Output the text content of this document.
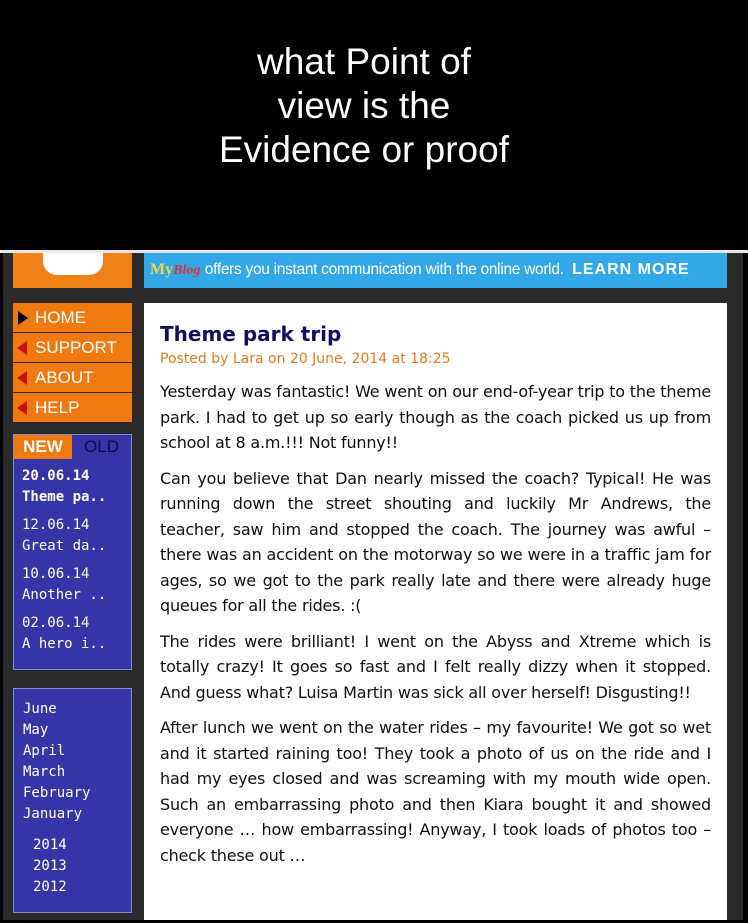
what Point of
view is the
Evidence or proof
MyBlog offers you instant communication with the online world. LEARN MORE
HOME
SUPPORT
ABOUT
HELP
NEW	OLD
20.06.14
Theme pa..
12.06.14
Great da..
10.06.14
Another ..
02.06.14
A hero i..
June
May
April
March
February
January
2014
2013
2012
Theme park trip
Posted by Lara on 20 June, 2014 at 18:25

Yesterday was fantastic! We went on our end-of-year trip to the theme park. I had to get up so early though as the coach picked us up from school at 8 a.m.!!! Not funny!!

Can you believe that Dan nearly missed the coach? Typical! He was running down the street shouting and luckily Mr Andrews, the teacher, saw him and stopped the coach. The journey was awful – there was an accident on the motorway so we were in a traffic jam for ages, so we got to the park really late and there were already huge queues for all the rides. :(

The rides were brilliant! I went on the Abyss and Xtreme which is totally crazy! It goes so fast and I felt really dizzy when it stopped. And guess what? Luisa Martin was sick all over herself! Disgusting!!

After lunch we went on the water rides – my favourite! We got so wet and it started raining too! They took a photo of us on the ride and I had my eyes closed and was screaming with my mouth wide open. Such an embarrassing photo and then Kiara bought it and showed everyone … how embarrassing! Anyway, I took loads of photos too – check these out …
